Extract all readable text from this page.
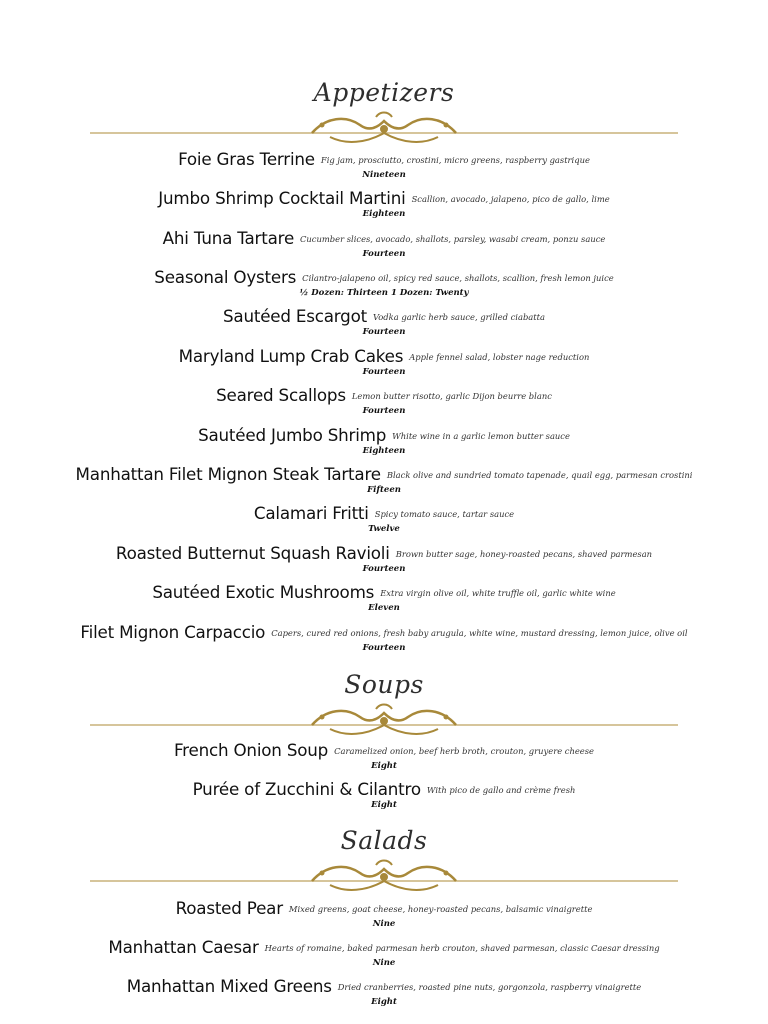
Appetizers
Foie Gras Terrine Fig jam, prosciutto, crostini, micro greens, raspberry gastrique
Nineteen
Jumbo Shrimp Cocktail Martini Scallion, avocado, jalapeno, pico de gallo, lime
Eighteen
Ahi Tuna Tartare Cucumber slices, avocado, shallots, parsley, wasabi cream, ponzu sauce
Fourteen
Seasonal Oysters Cilantro-jalapeno oil, spicy red sauce, shallots, scallion, fresh lemon juice
½ Dozen: Thirteen 1 Dozen: Twenty
Sautéed Escargot Vodka garlic herb sauce, grilled ciabatta
Fourteen
Maryland Lump Crab Cakes Apple fennel salad, lobster nage reduction
Fourteen
Seared Scallops Lemon butter risotto, garlic Dijon beurre blanc
Fourteen
Sautéed Jumbo Shrimp White wine in a garlic lemon butter sauce
Eighteen
Manhattan Filet Mignon Steak Tartare Black olive and sundried tomato tapenade, quail egg, parmesan crostini
Fifteen
Calamari Fritti Spicy tomato sauce, tartar sauce
Twelve
Roasted Butternut Squash Ravioli Brown butter sage, honey-roasted pecans, shaved parmesan
Fourteen
Sautéed Exotic Mushrooms Extra virgin olive oil, white truffle oil, garlic white wine
Eleven
Filet Mignon Carpaccio Capers, cured red onions, fresh baby arugula, white wine, mustard dressing, lemon juice, olive oil
Fourteen
Soups
French Onion Soup Caramelized onion, beef herb broth, crouton, gruyere cheese
Eight
Purée of Zucchini & Cilantro With pico de gallo and crème fresh
Eight
Salads
Roasted Pear Mixed greens, goat cheese, honey-roasted pecans, balsamic vinaigrette
Nine
Manhattan Caesar Hearts of romaine, baked parmesan herb crouton, shaved parmesan, classic Caesar dressing
Nine
Manhattan Mixed Greens Dried cranberries, roasted pine nuts, gorgonzola, raspberry vinaigrette
Eight
